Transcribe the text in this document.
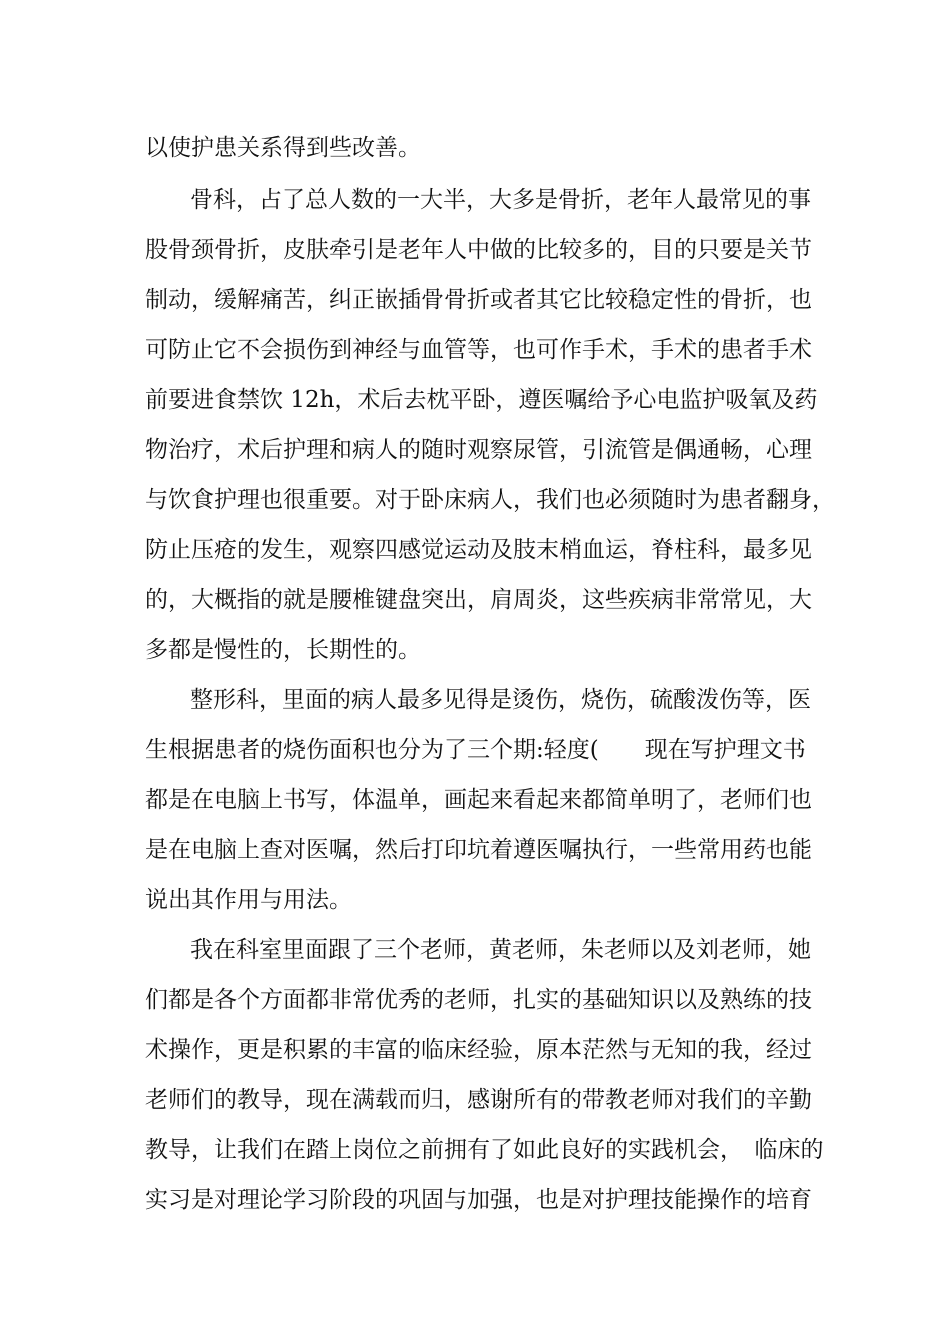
以使护患关系得到些改善。
骨科，占了总人数的一大半，大多是骨折，老年人最常见的事
股骨颈骨折，皮肤牵引是老年人中做的比较多的，目的只要是关节
制动，缓解痛苦，纠正嵌插骨骨折或者其它比较稳定性的骨折，也
可防止它不会损伤到神经与血管等，也可作手术，手术的患者手术
前要进食禁饮 12h，术后去枕平卧，遵医嘱给予心电监护吸氧及药
物治疗，术后护理和病人的随时观察尿管，引流管是偶通畅，心理
与饮食护理也很重要。对于卧床病人，我们也必须随时为患者翻身，
防止压疮的发生，观察四感觉运动及肢末梢血运，脊柱科，最多见
的，大概指的就是腰椎键盘突出，肩周炎，这些疾病非常常见，大
多都是慢性的，长期性的。
整形科，里面的病人最多见得是烫伤，烧伤，硫酸泼伤等，医
生根据患者的烧伤面积也分为了三个期:轻度(　　现在写护理文书
都是在电脑上书写，体温单，画起来看起来都简单明了，老师们也
是在电脑上查对医嘱，然后打印坑着遵医嘱执行，一些常用药也能
说出其作用与用法。
我在科室里面跟了三个老师，黄老师，朱老师以及刘老师，她
们都是各个方面都非常优秀的老师，扎实的基础知识以及熟练的技
术操作，更是积累的丰富的临床经验，原本茫然与无知的我，经过
老师们的教导，现在满载而归，感谢所有的带教老师对我们的辛勤
教导，让我们在踏上岗位之前拥有了如此良好的实践机会，　临床的
实习是对理论学习阶段的巩固与加强，也是对护理技能操作的培育
